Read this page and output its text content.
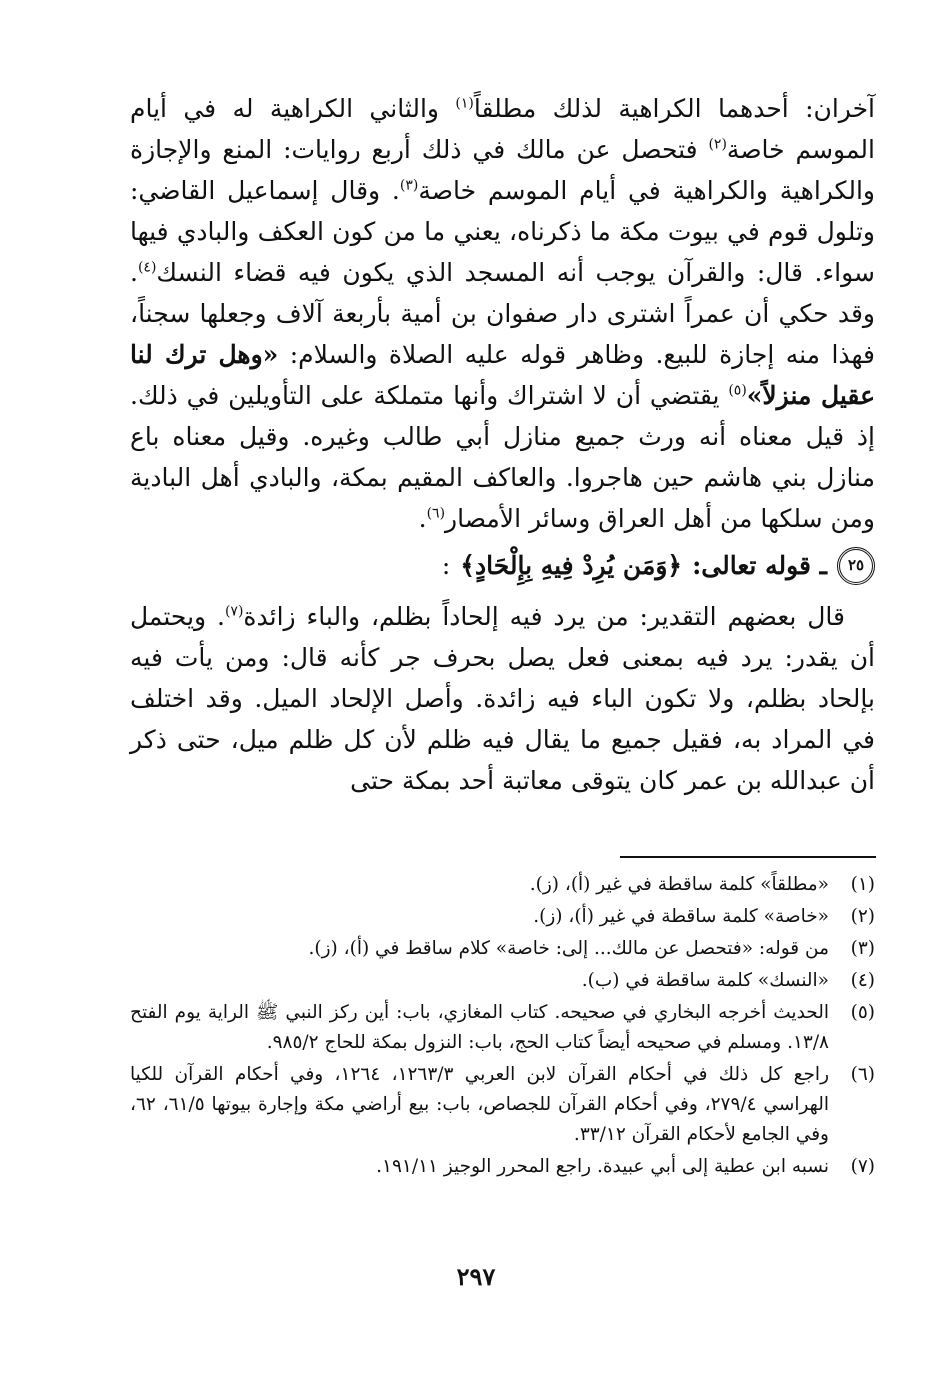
آخران: أحدهما الكراهية لذلك مطلقاً$^{(١)}$ والثاني الكراهية له في أيام الموسم خاصة$^{(٢)}$ فتحصل عن مالك في ذلك أربع روايات: المنع والإجازة والكراهية والكراهية في أيام الموسم خاصة$^{(٣)}$. وقال إسماعيل القاضي: وتلول قوم في بيوت مكة ما ذكرناه، يعني ما من كون العكف والبادي فيها سواء. قال: والقرآن يوجب أنه المسجد الذي يكون فيه قضاء النسك$^{(٤)}$. وقد حكي أن عمراً اشترى دار صفوان بن أمية بأربعة آلاف وجعلها سجناً، فهذا منه إجازة للبيع. وظاهر قوله عليه الصلاة والسلام: «وهل ترك لنا عقيل منزلاً»$^{(٥)}$ يقتضي أن لا اشتراك وأنها متملكة على التأويلين في ذلك. إذ قيل معناه أنه ورث جميع منازل أبي طالب وغيره. وقيل معناه باع منازل بني هاشم حين هاجروا. والعاكف المقيم بمكة، والبادي أهل البادية ومن سلكها من أهل العراق وسائر الأمصار$^{(٦)}$.

٢٥
ـ قوله تعالى:
﴿وَمَن يُرِدْ فِيهِ بِإِلْحَادٍ﴾
:

قال بعضهم التقدير: من يرد فيه إلحاداً بظلم، والباء زائدة$^{(٧)}$. ويحتمل أن يقدر: يرد فيه بمعنى فعل يصل بحرف جر كأنه قال: ومن يأت فيه بإلحاد بظلم، ولا تكون الباء فيه زائدة. وأصل الإلحاد الميل. وقد اختلف في المراد به، فقيل جميع ما يقال فيه ظلم لأن كل ظلم ميل، حتى ذكر أن عبدالله بن عمر كان يتوقى معاتبة أحد بمكة حتى

(١)
«مطلقاً» كلمة ساقطة في غير (أ)، (ز).
(٢)
«خاصة» كلمة ساقطة في غير (أ)، (ز).
(٣)
من قوله: «فتحصل عن مالك... إلى: خاصة» كلام ساقط في (أ)، (ز).
(٤)
«النسك» كلمة ساقطة في (ب).
(٥)
الحديث أخرجه البخاري في صحيحه. كتاب المغازي، باب: أين ركز النبي ﷺ الراية يوم الفتح ١٣/٨. ومسلم في صحيحه أيضاً كتاب الحج، باب: النزول بمكة للحاج ٩٨٥/٢.
(٦)
راجع كل ذلك في أحكام القرآن لابن العربي ١٢٦٣/٣، ١٢٦٤، وفي أحكام القرآن للكيا الهراسي ٢٧٩/٤، وفي أحكام القرآن للجصاص، باب: بيع أراضي مكة وإجارة بيوتها ٦١/٥، ٦٢، وفي الجامع لأحكام القرآن ٣٣/١٢.
(٧)
نسبه ابن عطية إلى أبي عبيدة. راجع المحرر الوجيز ١٩١/١١.
٢٩٧
